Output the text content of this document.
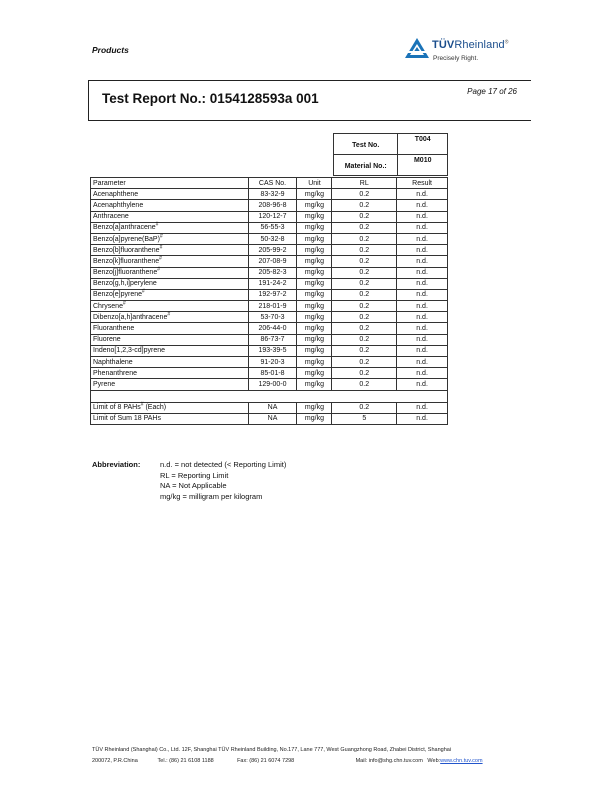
Products	TÜVRheinland®
Precisely Right.
Test Report No.: 0154128593a 001	Page 17 of 26
Test No.	T004
Material No.:	M010
Parameter	CAS No.	Unit	RL	Result
Acenaphthene	83-32-9	mg/kg	0.2	n.d.
Acenaphthylene	208-96-8	mg/kg	0.2	n.d.
Anthracene	120-12-7	mg/kg	0.2	n.d.
Benzo[a]anthracene#	56-55-3	mg/kg	0.2	n.d.
Benzo[a]pyrene(BaP)#	50-32-8	mg/kg	0.2	n.d.
Benzo[b]fluoranthene#	205-99-2	mg/kg	0.2	n.d.
Benzo[k]fluoranthene#	207-08-9	mg/kg	0.2	n.d.
Benzo[j]fluoranthene#	205-82-3	mg/kg	0.2	n.d.
Benzo[g,h,i]perylene	191-24-2	mg/kg	0.2	n.d.
Benzo[e]pyrene#	192-97-2	mg/kg	0.2	n.d.
Chrysene#	218-01-9	mg/kg	0.2	n.d.
Dibenzo[a,h]anthracene#	53-70-3	mg/kg	0.2	n.d.
Fluoranthene	206-44-0	mg/kg	0.2	n.d.
Fluorene	86-73-7	mg/kg	0.2	n.d.
Indeno[1,2,3-cd]pyrene	193-39-5	mg/kg	0.2	n.d.
Naphthalene	91-20-3	mg/kg	0.2	n.d.
Phenanthrene	85-01-8	mg/kg	0.2	n.d.
Pyrene	129-00-0	mg/kg	0.2	n.d.

Limit of 8 PAHs# (Each)	NA	mg/kg	0.2	n.d.
Limit of Sum 18 PAHs	NA	mg/kg	5	n.d.
Abbreviation:	n.d. = not detected (< Reporting Limit)
RL = Reporting Limit
NA = Not Applicable
mg/kg = milligram per kilogram
TÜV Rheinland (Shanghai) Co., Ltd. 12F, Shanghai TÜV Rheinland Building, No.177, Lane 777, West Guangzhong Road, Zhabei District, Shanghai
200072, P.R.China	Tel.: (86) 21 6108 1188	Fax: (86) 21 6074 7298	Mail: info@shg.chn.tuv.com Web:www.chn.tuv.com
